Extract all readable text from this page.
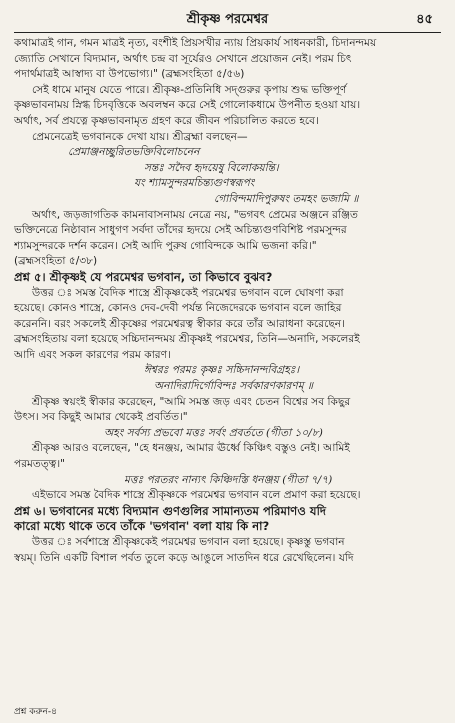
শ্রীকৃষ্ণ পরমেশ্বর	৪৫
কথামাত্রই গান, গমন মাত্রই নৃত্য, বংশীই প্রিয়সখীর ন্যায় প্রিয়কার্য সাধনকারী, চিদানন্দময়
জ্যোতি সেখানে বিদ্যমান, অর্থাৎ চন্দ্র বা সূর্যেরও সেখানে প্রয়োজন নেই। পরম চিৎ
পদার্থমাত্রই আস্বাদ্য বা উপভোগ্য।" (ব্রহ্মসংহিতা ৫/৫৬)
সেই ধামে মানুষ যেতে পারে। শ্রীকৃষ্ণ-প্রতিনিধি সদ্গুরুর কৃপায় শুদ্ধ ভক্তিপূর্ণ
কৃষ্ণভাবনাময় স্নিগ্ধ চিদবৃত্তিকে অবলম্বন করে সেই গোলোকধামে উপনীত হওয়া যায়।
অর্থাৎ, সর্ব প্রযত্নে কৃষ্ণভাবনামৃত গ্রহণ করে জীবন পরিচালিত করতে হবে।
প্রেমনেত্রেই ভগবানকে দেখা যায়। শ্রীব্রহ্মা বলছেন—
প্রেমাঞ্জনচ্ছুরিতভক্তিবিলোচনেন
সন্তঃ সদৈব হৃদয়েষু বিলোকয়ন্তি।
যং শ্যামসুন্দরমচিন্ত্যগুণস্বরূপং
গোবিন্দমাদিপুরুষং তমহং ভজামি ॥
অর্থাৎ, জড়জাগতিক কামনাবাসনাময় নেত্রে নয়, "ভগবৎ প্রেমের অঞ্জনে রঞ্জিত
ভক্তিনেত্রে নিষ্ঠাবান সাধুগণ সর্বদা তাঁদের হৃদয়ে সেই অচিন্ত্যগুণবিশিষ্ট পরমসুন্দর
শ্যামসুন্দরকে দর্শন করেন। সেই আদি পুরুষ গোবিন্দকে আমি ভজনা করি।"
(ব্রহ্মসংহিতা ৫/৩৮)
প্রশ্ন ৫। শ্রীকৃষ্ণই যে পরমেশ্বর ভগবান, তা কিভাবে বুঝব?
উত্তর ঃ সমস্ত বৈদিক শাস্ত্রে শ্রীকৃষ্ণকেই পরমেশ্বর ভগবান বলে ঘোষণা করা
হয়েছে। কোনও শাস্ত্রে, কোনও দেব-দেবী পর্যন্ত নিজেদেরকে ভগবান বলে জাহির
করেননি। বরং সকলেই শ্রীকৃষ্ণের পরমেশ্বরত্ব স্বীকার করে তাঁর আরাধনা করেছেন।
ব্রহ্মসংহিতায় বলা হয়েছে সচ্চিদানন্দময় শ্রীকৃষ্ণই পরমেশ্বর, তিনি—অনাদি, সকলেরই
আদি এবং সকল কারণের পরম কারণ।
ঈশ্বরঃ পরমঃ কৃষ্ণঃ সচ্চিদানন্দবিগ্রহঃ।
অনাদিরাদির্গোবিন্দঃ সর্বকারণকারণম্ ॥
শ্রীকৃষ্ণ স্বয়ংই স্বীকার করেছেন, "আমি সমস্ত জড় এবং চেতন বিশ্বের সব কিছুর
উৎস। সব কিছুই আমার থেকেই প্রবর্তিত।"
অহং সর্বস্য প্রভবো মত্তঃ সর্বং প্রবর্ততে (গীতা ১০/৮)
শ্রীকৃষ্ণ আরও বলেছেন, "হে ধনঞ্জয়, আমার ঊর্ধ্বে কিঞ্চিৎ বস্তুও নেই। আমিই
পরমতত্ত্ব।"
মত্তঃ পরতরং নান্যৎ কিঞ্চিদস্তি ধনঞ্জয় (গীতা ৭/৭)
এইভাবে সমস্ত বৈদিক শাস্ত্রে শ্রীকৃষ্ণকে পরমেশ্বর ভগবান বলে প্রমাণ করা হয়েছে।
প্রশ্ন ৬। ভগবানের মধ্যে বিদ্যমান গুণগুলির সামান্যতম পরিমাণও যদি
কারো মধ্যে থাকে তবে তাঁকে 'ভগবান' বলা যায় কি না?
উত্তর ঃ সর্বশাস্ত্রে শ্রীকৃষ্ণকেই পরমেশ্বর ভগবান বলা হয়েছে। কৃষ্ণস্তু ভগবান
স্বয়ম্। তিনি একটি বিশাল পর্বত তুলে কড়ে আঙুলে সাতদিন ধরে রেখেছিলেন। যদি
প্রশ্ন করুন-৪
